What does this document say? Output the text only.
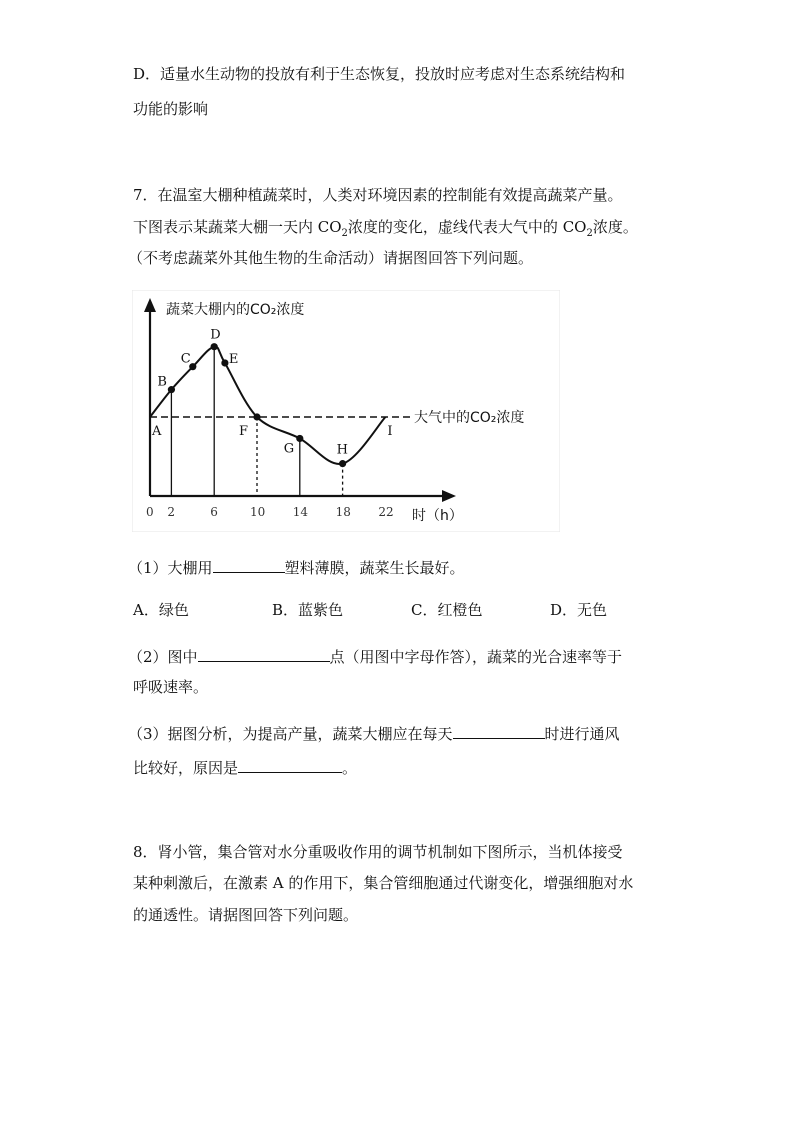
D．适量水生动物的投放有利于生态恢复，投放时应考虑对生态系统结构和
功能的影响
7．在温室大棚种植蔬菜时，人类对环境因素的控制能有效提高蔬菜产量。
下图表示某蔬菜大棚一天内 $CO_2$浓度的变化，虚线代表大气中的 $CO_2$浓度。
（不考虑蔬菜外其他生物的生命活动）请据图回答下列问题。
蔬菜大棚内的CO₂浓度
时（h）
大气中的CO₂浓度
A
B
C
D
E
F
G	H
I
0 2	6	10 14 18 22
（1）大棚用	塑料薄膜，蔬菜生长最好。
A．绿色	B．蓝紫色	C．红橙色	D．无色
（2）图中	点（用图中字母作答），蔬菜的光合速率等于
呼吸速率。
（3）据图分析，为提高产量，蔬菜大棚应在每天	时进行通风
比较好，原因是	。
8．肾小管，集合管对水分重吸收作用的调节机制如下图所示，当机体接受
某种刺激后，在激素 A 的作用下，集合管细胞通过代谢变化，增强细胞对水
的通透性。请据图回答下列问题。
